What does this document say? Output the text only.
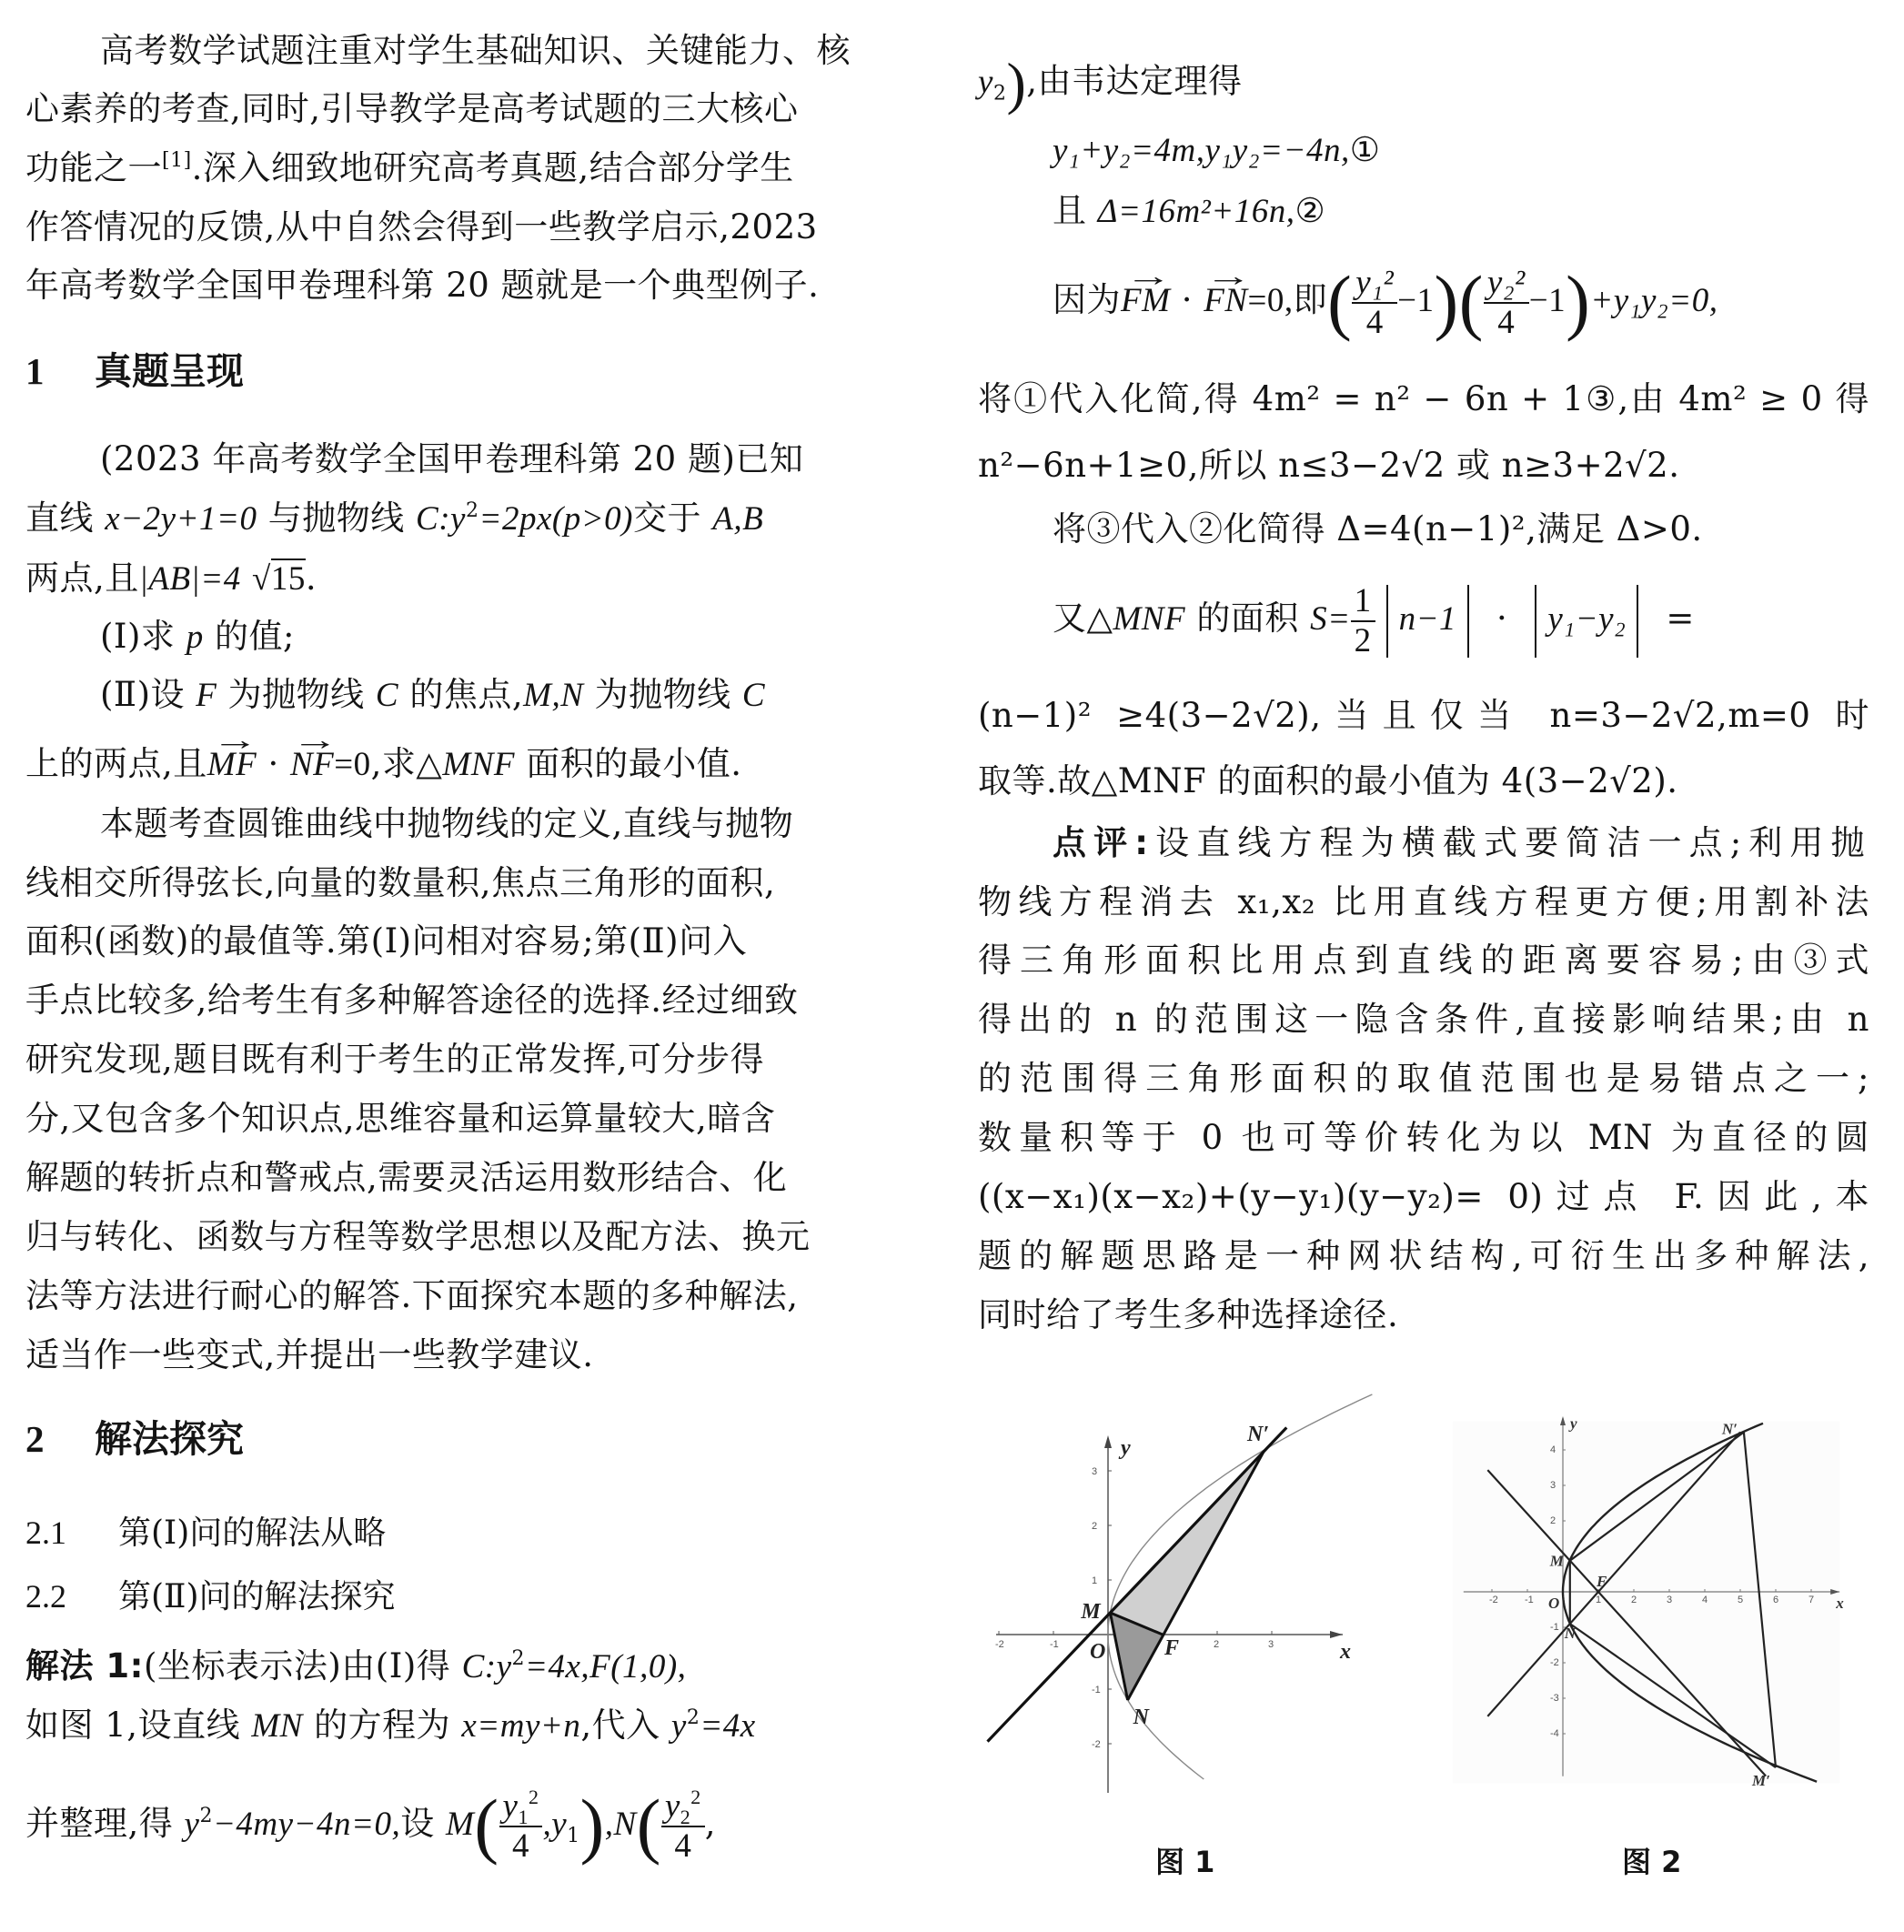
高考数学试题注重对学生基础知识、关键能力、核
心素养的考查,同时,引导教学是高考试题的三大核心
功能之一[1].深入细致地研究高考真题,结合部分学生
作答情况的反馈,从中自然会得到一些教学启示,2023
年高考数学全国甲卷理科第 20 题就是一个典型例子.
1 真题呈现
(2023 年高考数学全国甲卷理科第 20 题)已知
直线 x−2y+1=0 与抛物线 $C:y^2=2px(p>0)$交于 A,B
两点,且|AB|=4 √15.
(Ⅰ)求 p 的值;
(Ⅱ)设 F 为抛物线 C 的焦点,M,N 为抛物线 C
上的两点,且→ MF · → NF=0,求△MNF 面积的最小值.
本题考查圆锥曲线中抛物线的定义,直线与抛物
线相交所得弦长,向量的数量积,焦点三角形的面积,
面积(函数)的最值等.第(Ⅰ)问相对容易;第(Ⅱ)问入
手点比较多,给考生有多种解答途径的选择.经过细致
研究发现,题目既有利于考生的正常发挥,可分步得
分,又包含多个知识点,思维容量和运算量较大,暗含
解题的转折点和警戒点,需要灵活运用数形结合、化
归与转化、函数与方程等数学思想以及配方法、换元
法等方法进行耐心的解答.下面探究本题的多种解法,
适当作一些变式,并提出一些教学建议.
2 解法探究
2.1 第(Ⅰ)问的解法从略
2.2 第(Ⅱ)问的解法探究
解法 1:(坐标表示法)由(Ⅰ)得 $C:y^2=4x,F(1,0)$,
如图 1,设直线 MN 的方程为 x=my+n,代入 $y^2=4x$
并整理,得 $y^2-4my-4n=0$,设 $M( \frac{y_1^2}{4} ,y_1),N( \frac{y_2^2}{4}$ ,
$y_2$),由韦达定理得
y₁+y₂=4m,y₁y₂=−4n,①
且 Δ=16m²+16n,②
因为→ FM · → FN=0,即( $\frac{\text{y₁²}}{4} -1)( \frac{\text{y₂²}}{4} -1)+y_1y_2=0$,
将①代入化简,得 4m² = n² − 6n + 1③,由 4m² ≥ 0 得
n²−6n+1≥0,所以 n≤3−2√2 或 n≥3+2√2.
将③代入②化简得 Δ=4(n−1)²,满足 Δ>0.
又△MNF 的面积 $S= \frac{1}{2} n-1 \cdot y_1-y_2$ =
(n−1)² ≥4(3−2√2),当且仅当 n=3−2√2,m=0 时
取等.故△MNF 的面积的最小值为 4(3−2√2).
点评:设直线方程为横截式要简洁一点;利用抛
物线方程消去 x₁,x₂ 比用直线方程更方便;用割补法
得三角形面积比用点到直线的距离要容易;由③式
得出的 n 的范围这一隐含条件,直接影响结果;由 n
的范围得三角形面积的取值范围也是易错点之一;
数量积等于 0 也可等价转化为以 MN 为直径的圆
((x−x₁)(x−x₂)+(y−y₁)(y−y₂)= 0)过点 F.因此,本
题的解题思路是一种网状结构,可衍生出多种解法,
同时给了考生多种选择途径.
-2	-1	2	3
3
2
1
-1
-2
y
x
O
M
N
N′
F
图 1
-2	-1	1	2	3	4	5	6	7
4
3
2
-1
-2
-3
-4
y
x
O
M
N
N′
M′
F
图 2
